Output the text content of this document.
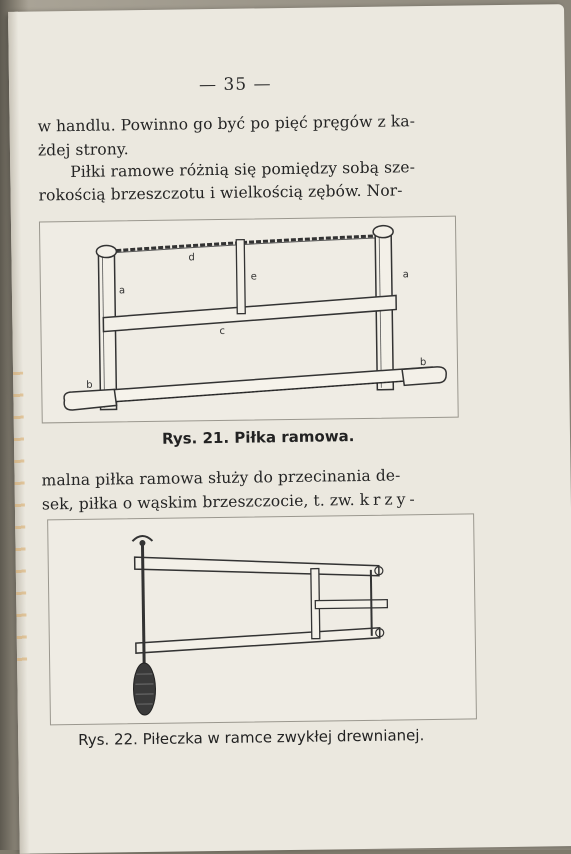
— 35 —
w handlu. Powinno go być po pięć pręgów z ka-
żdej strony.
Piłki ramowe różnią się pomiędzy sobą sze-
rokością brzeszczotu i wielkością zębów. Nor-
d
e
a
a
c
b
b
Rys. 21. Piłka ramowa.
malna piłka ramowa służy do przecinania de-
sek, piłka o wąskim brzeszczocie, t. zw. krzy-
Rys. 22. Piłeczka w ramce zwykłej drewnianej.
